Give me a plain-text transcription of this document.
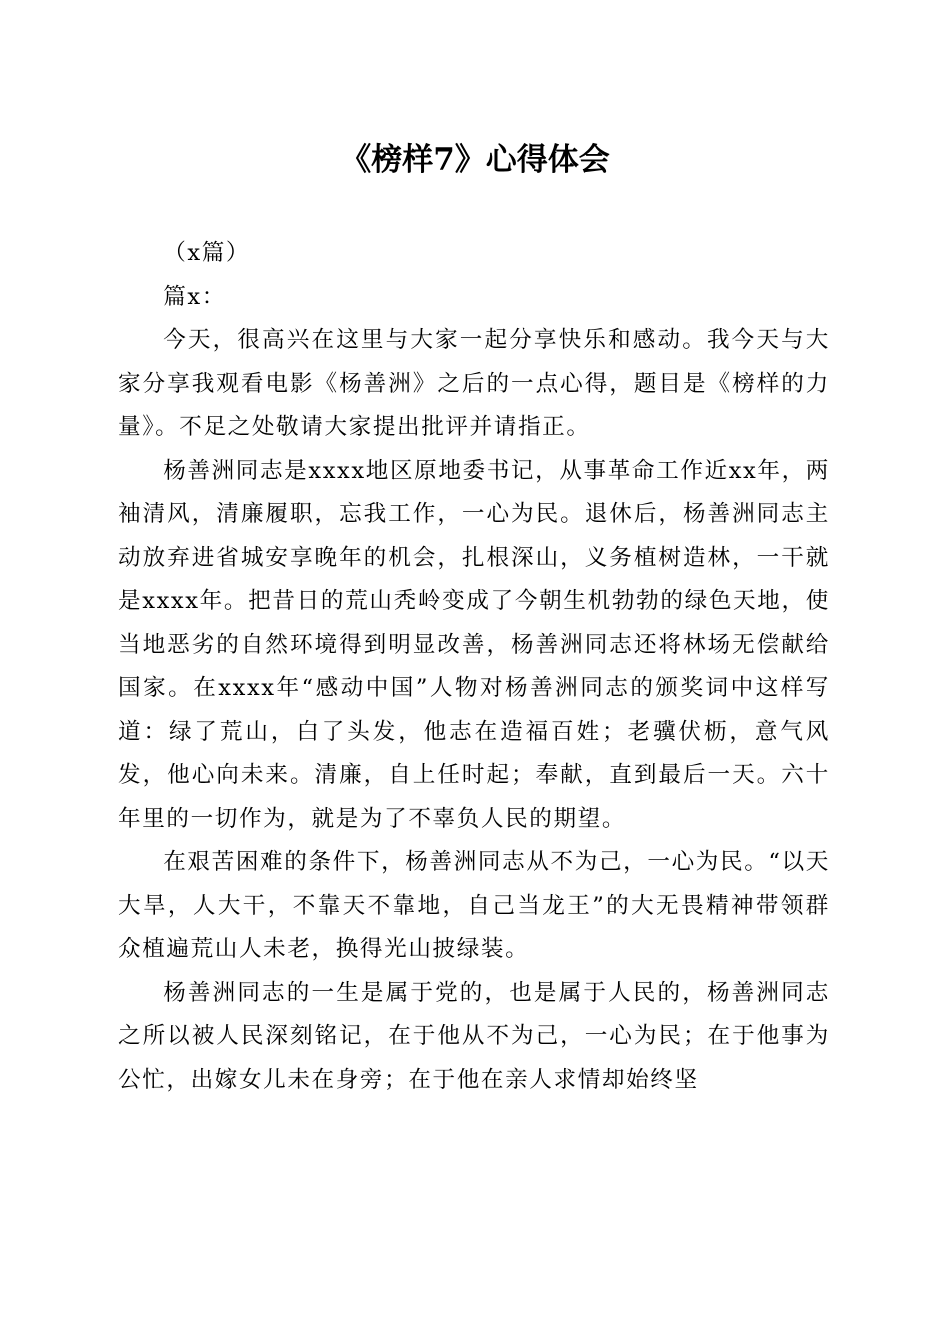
《榜样7》心得体会

（x篇）

篇x：

今天，很高兴在这里与大家一起分享快乐和感动。我今天与大家分享我观看电影《杨善洲》之后的一点心得，题目是《榜样的力量》。不足之处敬请大家提出批评并请指正。

杨善洲同志是xxxx地区原地委书记，从事革命工作近xx年，两袖清风，清廉履职，忘我工作，一心为民。退休后，杨善洲同志主动放弃进省城安享晚年的机会，扎根深山，义务植树造林，一干就是xxxx年。把昔日的荒山秃岭变成了今朝生机勃勃的绿色天地，使当地恶劣的自然环境得到明显改善，杨善洲同志还将林场无偿献给国家。在xxxx年“感动中国”人物对杨善洲同志的颁奖词中这样写道：绿了荒山，白了头发，他志在造福百姓；老骥伏枥，意气风发，他心向未来。清廉，自上任时起；奉献，直到最后一天。六十年里的一切作为，就是为了不辜负人民的期望。

在艰苦困难的条件下，杨善洲同志从不为己，一心为民。“以天大旱，人大干，不靠天不靠地，自己当龙王”的大无畏精神带领群众植遍荒山人未老，换得光山披绿装。

杨善洲同志的一生是属于党的，也是属于人民的，杨善洲同志之所以被人民深刻铭记，在于他从不为己，一心为民；在于他事为公忙，出嫁女儿未在身旁；在于他在亲人求情却始终坚
